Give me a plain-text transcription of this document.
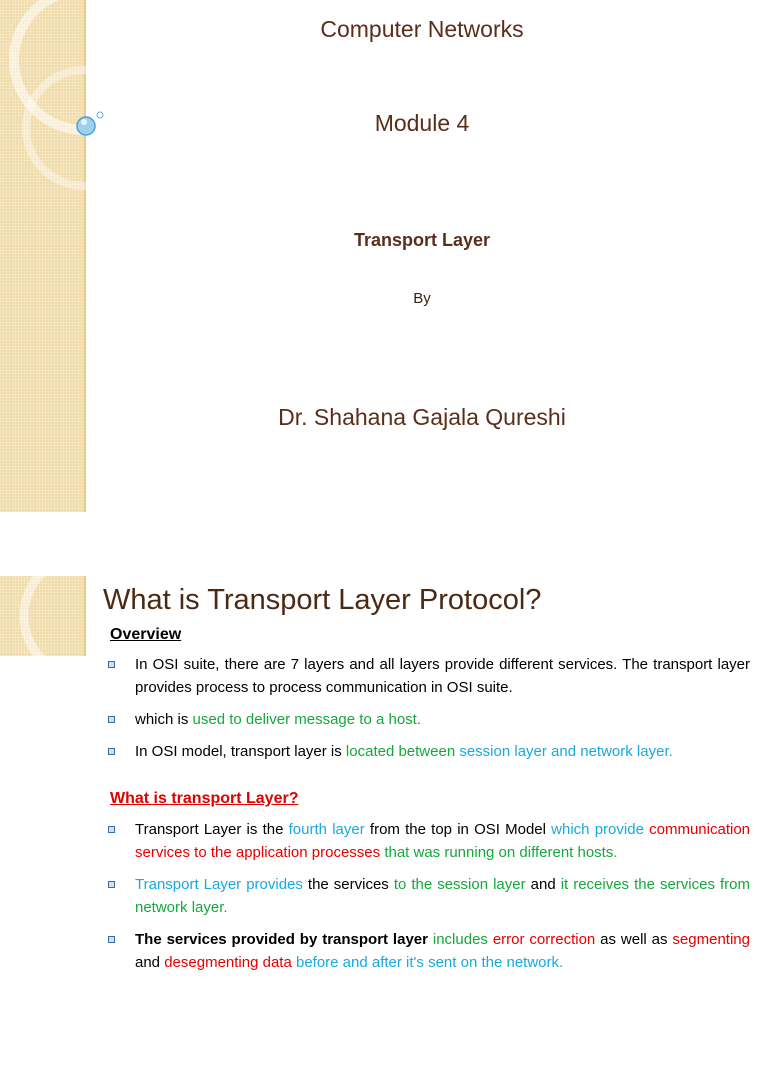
Computer Networks

Module 4

Transport Layer

By

Dr. Shahana Gajala Qureshi

What is Transport Layer Protocol?

Overview

In OSI suite, there are 7 layers and all layers provide different services. The transport layer provides process to process communication in OSI suite.
which is used to deliver message to a host.
In OSI model, transport layer is located between session layer and network layer.

What is transport Layer?

Transport Layer is the fourth layer from the top in OSI Model which provide communication services to the application processes that was running on different hosts.
Transport Layer provides the services to the session layer and it receives the services from network layer.
The services provided by transport layer includes error correction as well as segmenting and desegmenting data before and after it's sent on the network.
